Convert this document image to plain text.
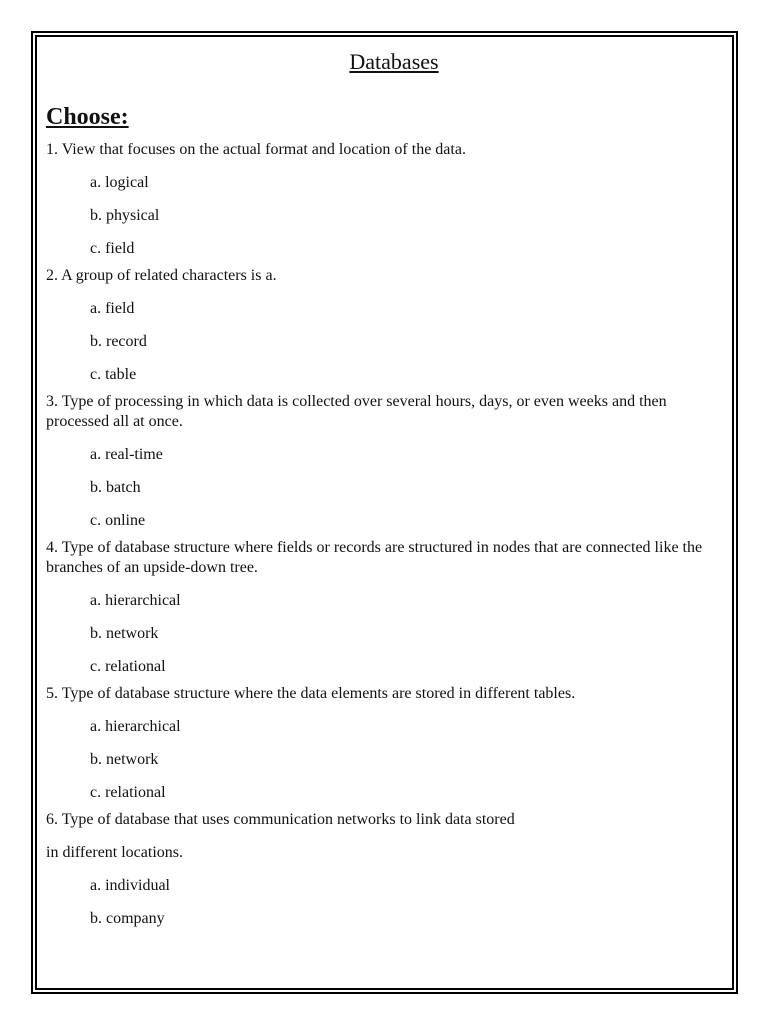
Databases
Choose:
1. View that focuses on the actual format and location of the data.
a. logical
b. physical
c. field
2. A group of related characters is a.
a. field
b. record
c. table
3. Type of processing in which data is collected over several hours, days, or even weeks and then processed all at once.
a. real-time
b. batch
c. online
4. Type of database structure where fields or records are structured in nodes that are connected like the branches of an upside-down tree.
a. hierarchical
b. network
c. relational
5. Type of database structure where the data elements are stored in different tables.
a. hierarchical
b. network
c. relational
6. Type of database that uses communication networks to link data stored
in different locations.
a. individual
b. company
